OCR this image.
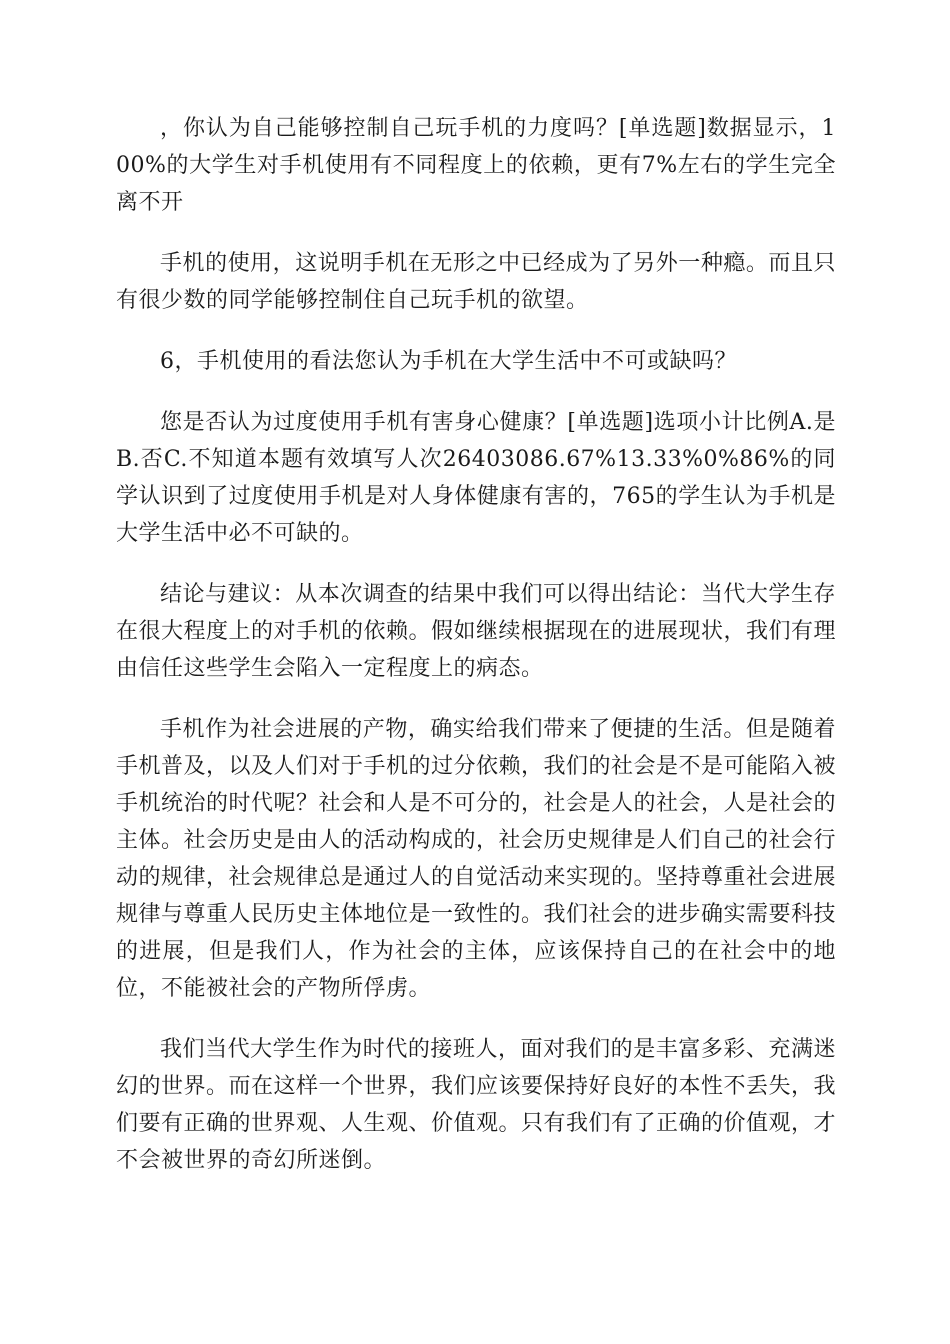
，你认为自己能够控制自己玩手机的力度吗？[单选题]数据显示，100%的大学生对手机使用有不同程度上的依赖，更有7%左右的学生完全离不开

手机的使用，这说明手机在无形之中已经成为了另外一种瘾。而且只有很少数的同学能够控制住自己玩手机的欲望。

6，手机使用的看法您认为手机在大学生活中不可或缺吗？

您是否认为过度使用手机有害身心健康？[单选题]选项小计比例A.是B.否C.不知道本题有效填写人次26403086.67%13.33%0%86%的同学认识到了过度使用手机是对人身体健康有害的，765的学生认为手机是大学生活中必不可缺的。

结论与建议：从本次调查的结果中我们可以得出结论：当代大学生存在很大程度上的对手机的依赖。假如继续根据现在的进展现状，我们有理由信任这些学生会陷入一定程度上的病态。

手机作为社会进展的产物，确实给我们带来了便捷的生活。但是随着手机普及，以及人们对于手机的过分依赖，我们的社会是不是可能陷入被手机统治的时代呢？社会和人是不可分的，社会是人的社会，人是社会的主体。社会历史是由人的活动构成的，社会历史规律是人们自己的社会行动的规律，社会规律总是通过人的自觉活动来实现的。坚持尊重社会进展规律与尊重人民历史主体地位是一致性的。我们社会的进步确实需要科技的进展，但是我们人，作为社会的主体，应该保持自己的在社会中的地位，不能被社会的产物所俘虏。

我们当代大学生作为时代的接班人，面对我们的是丰富多彩、充满迷幻的世界。而在这样一个世界，我们应该要保持好良好的本性不丢失，我们要有正确的世界观、人生观、价值观。只有我们有了正确的价值观，才不会被世界的奇幻所迷倒。
